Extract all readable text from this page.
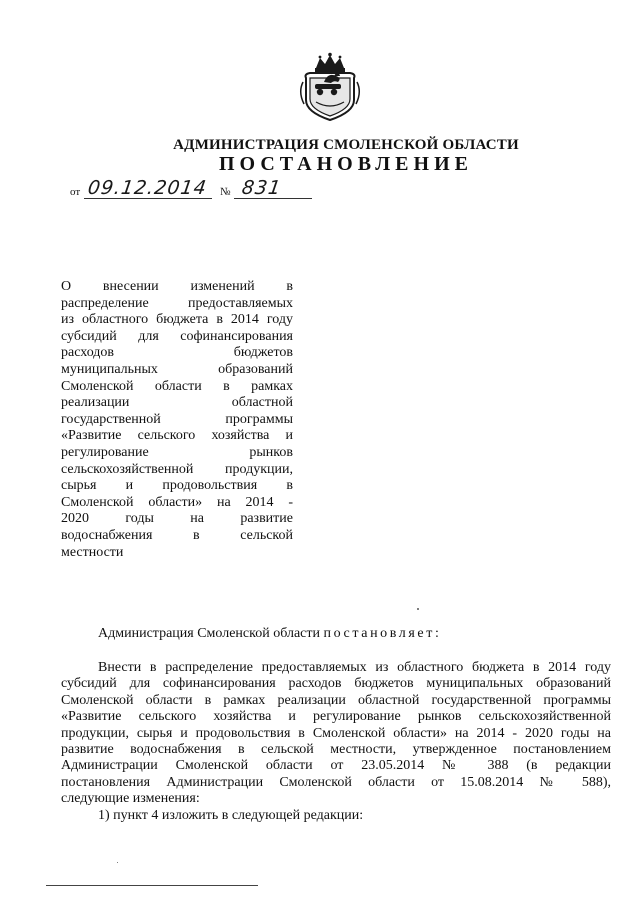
АДМИНИСТРАЦИЯ СМОЛЕНСКОЙ ОБЛАСТИ
ПОСТАНОВЛЕНИЕ
от 09.12.2014 № 831
О внесении изменений в
распределение предоставляемых
из областного бюджета в 2014 году
субсидий для софинансирования
расходов бюджетов
муниципальных образований
Смоленской области в рамках
реализации областной
государственной программы
«Развитие сельского хозяйства и
регулирование рынков
сельскохозяйственной продукции,
сырья и продовольствия в
Смоленской области» на 2014 -
2020 годы на развитие
водоснабжения в сельской
местности
Администрация Смоленской области постановляет:
Внести в распределение предоставляемых из областного бюджета в 2014 году
субсидий для софинансирования расходов бюджетов муниципальных образований
Смоленской области в рамках реализации областной государственной программы
«Развитие сельского хозяйства и регулирование рынков сельскохозяйственной
продукции, сырья и продовольствия в Смоленской области» на 2014 - 2020 годы на
развитие водоснабжения в сельской местности, утвержденное постановлением
Администрации Смоленской области от 23.05.2014 № 388 (в редакции
постановления Администрации Смоленской области от 15.08.2014 № 588),
следующие изменения:
1) пункт 4 изложить в следующей редакции:
